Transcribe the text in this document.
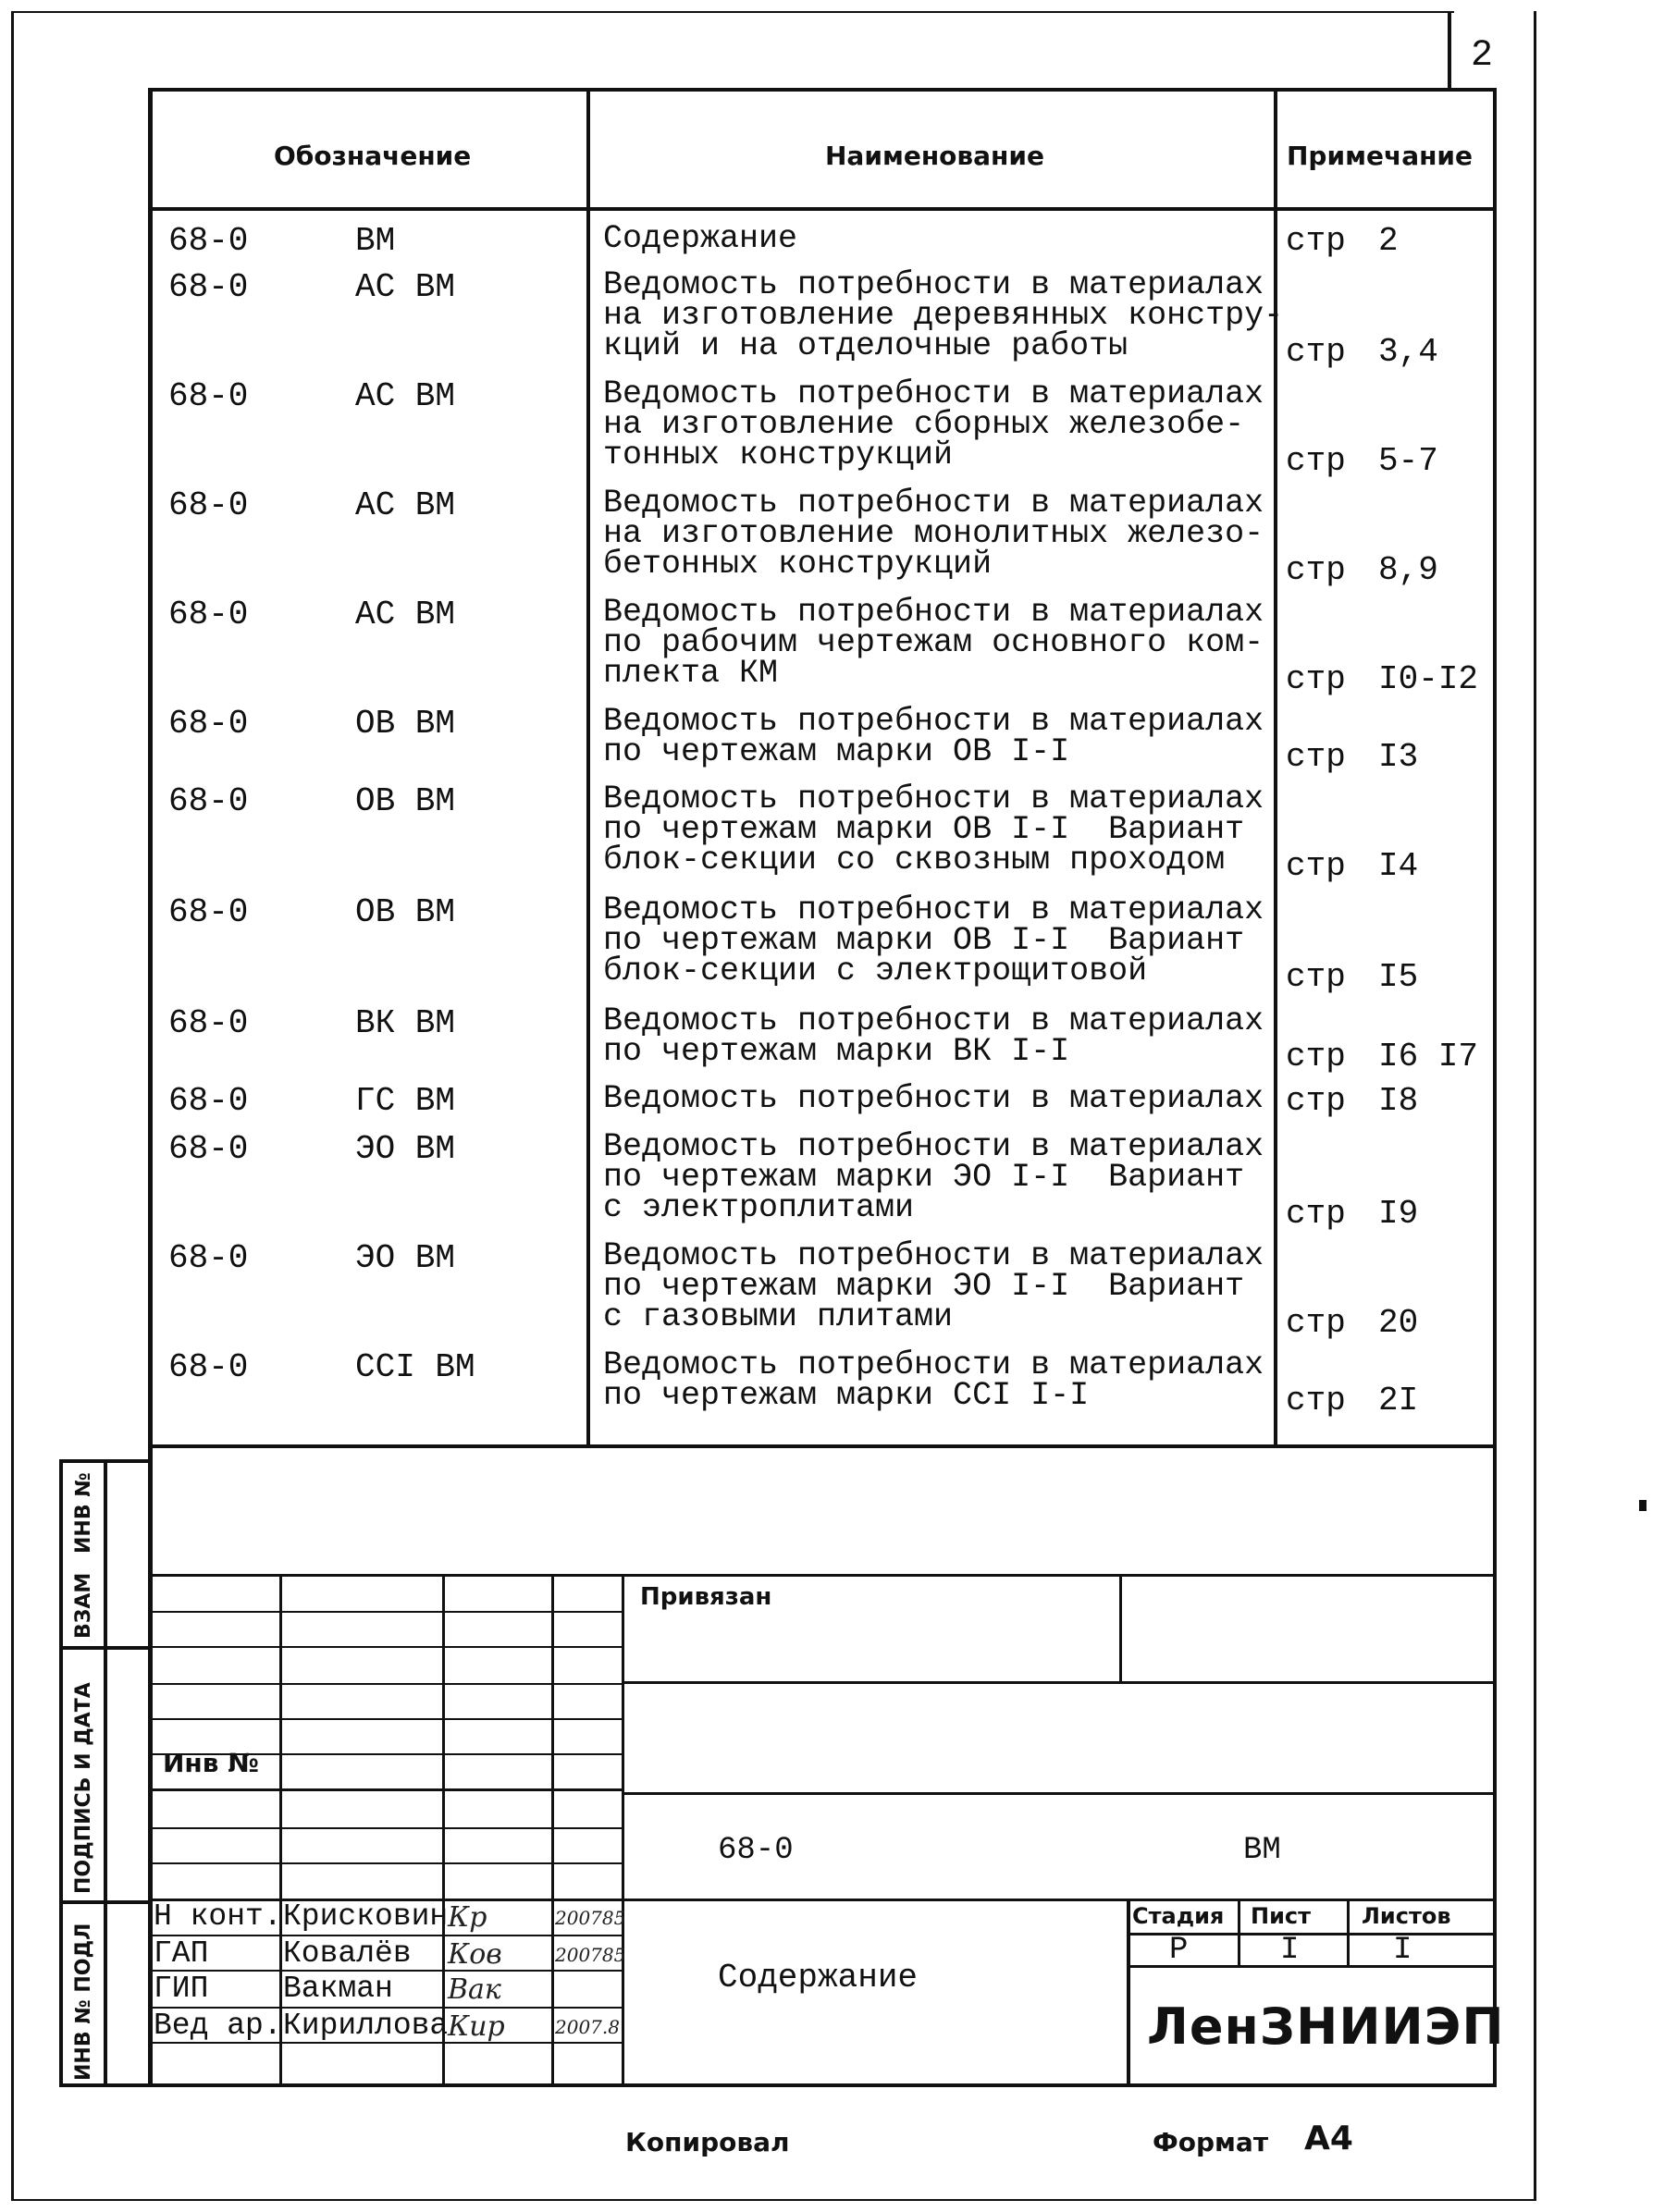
2
Обозначение	Наименование	Примечание
68-0	ВМ	Содержание	стр 2
68-0	АС ВМ	Ведомость потребности в материалах
на изготовление деревянных констру-
кций и на отделочные работы	стр 3,4
68-0	АС ВМ	Ведомость потребности в материалах
на изготовление сборных железобе-
тонных конструкций	стр 5-7
68-0	АС ВМ	Ведомость потребности в материалах
на изготовление монолитных железо-
бетонных конструкций	стр 8,9
68-0	АС ВМ	Ведомость потребности в материалах
по рабочим чертежам основного ком-
плекта КМ	стр I0-I2
68-0	ОВ ВМ	Ведомость потребности в материалах
по чертежам марки ОВ I-I	стр I3
68-0	ОВ ВМ	Ведомость потребности в материалах
по чертежам марки ОВ I-I  Вариант
блок-секции со сквозным проходом	стр I4
68-0	ОВ ВМ	Ведомость потребности в материалах
по чертежам марки ОВ I-I  Вариант
блок-секции с электрощитовой	стр I5
68-0	ВК ВМ	Ведомость потребности в материалах
по чертежам марки ВК I-I	стр I6 I7
68-0	ГС ВМ	Ведомость потребности в материалах стр I8
68-0	ЭО ВМ	Ведомость потребности в материалах
по чертежам марки ЭО I-I  Вариант
с электроплитами	стр I9
68-0	ЭО ВМ	Ведомость потребности в материалах
по чертежам марки ЭО I-I  Вариант
с газовыми плитами	стр 20
68-0	ССI ВМ	Ведомость потребности в материалах
по чертежам марки ССI I-I	стр 2I
ИНВ №
ВЗАМ
ПОДПИСЬ И ДАТА
ИНВ № ПОДЛ
Привязан
Инв №
68-0	ВМ
Содержание
Стадия Пист Листов
Р	I	I
ЛенЗНИИЭП
Н конт. Крисковин Кр	200785
ГАП Ковалёв Ков	200785
ГИП Вакман Вак
Вед ар. Кириллова Кир	2007.8
Копировал	Формат А4
